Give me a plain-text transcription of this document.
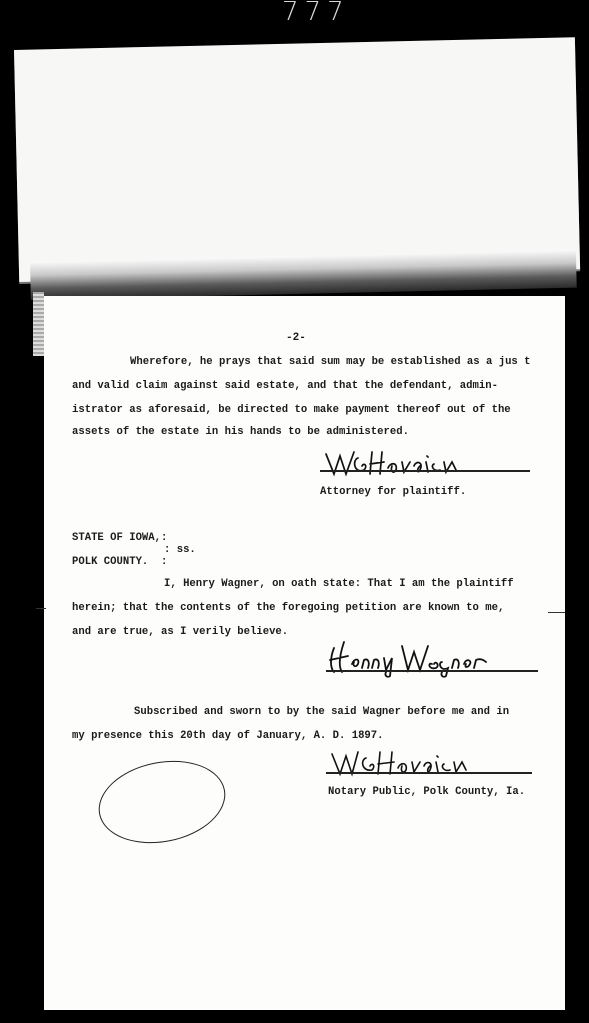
777
-2-
Wherefore, he prays that said sum may be established as a jus t
and valid claim against said estate, and that the defendant, admin-
istrator as aforesaid, be directed to make payment thereof out of the
assets of the estate in his hands to be administered.
Attorney for plaintiff.
STATE OF IOWA,:
: ss.
POLK COUNTY.  :
I, Henry Wagner, on oath state: That I am the plaintiff
herein; that the contents of the foregoing petition are known to me,
and are true, as I verily believe.
Subscribed and sworn to by the said Wagner before me and in
my presence this 20th day of January, A. D. 1897.
Notary Public, Polk County, Ia.
